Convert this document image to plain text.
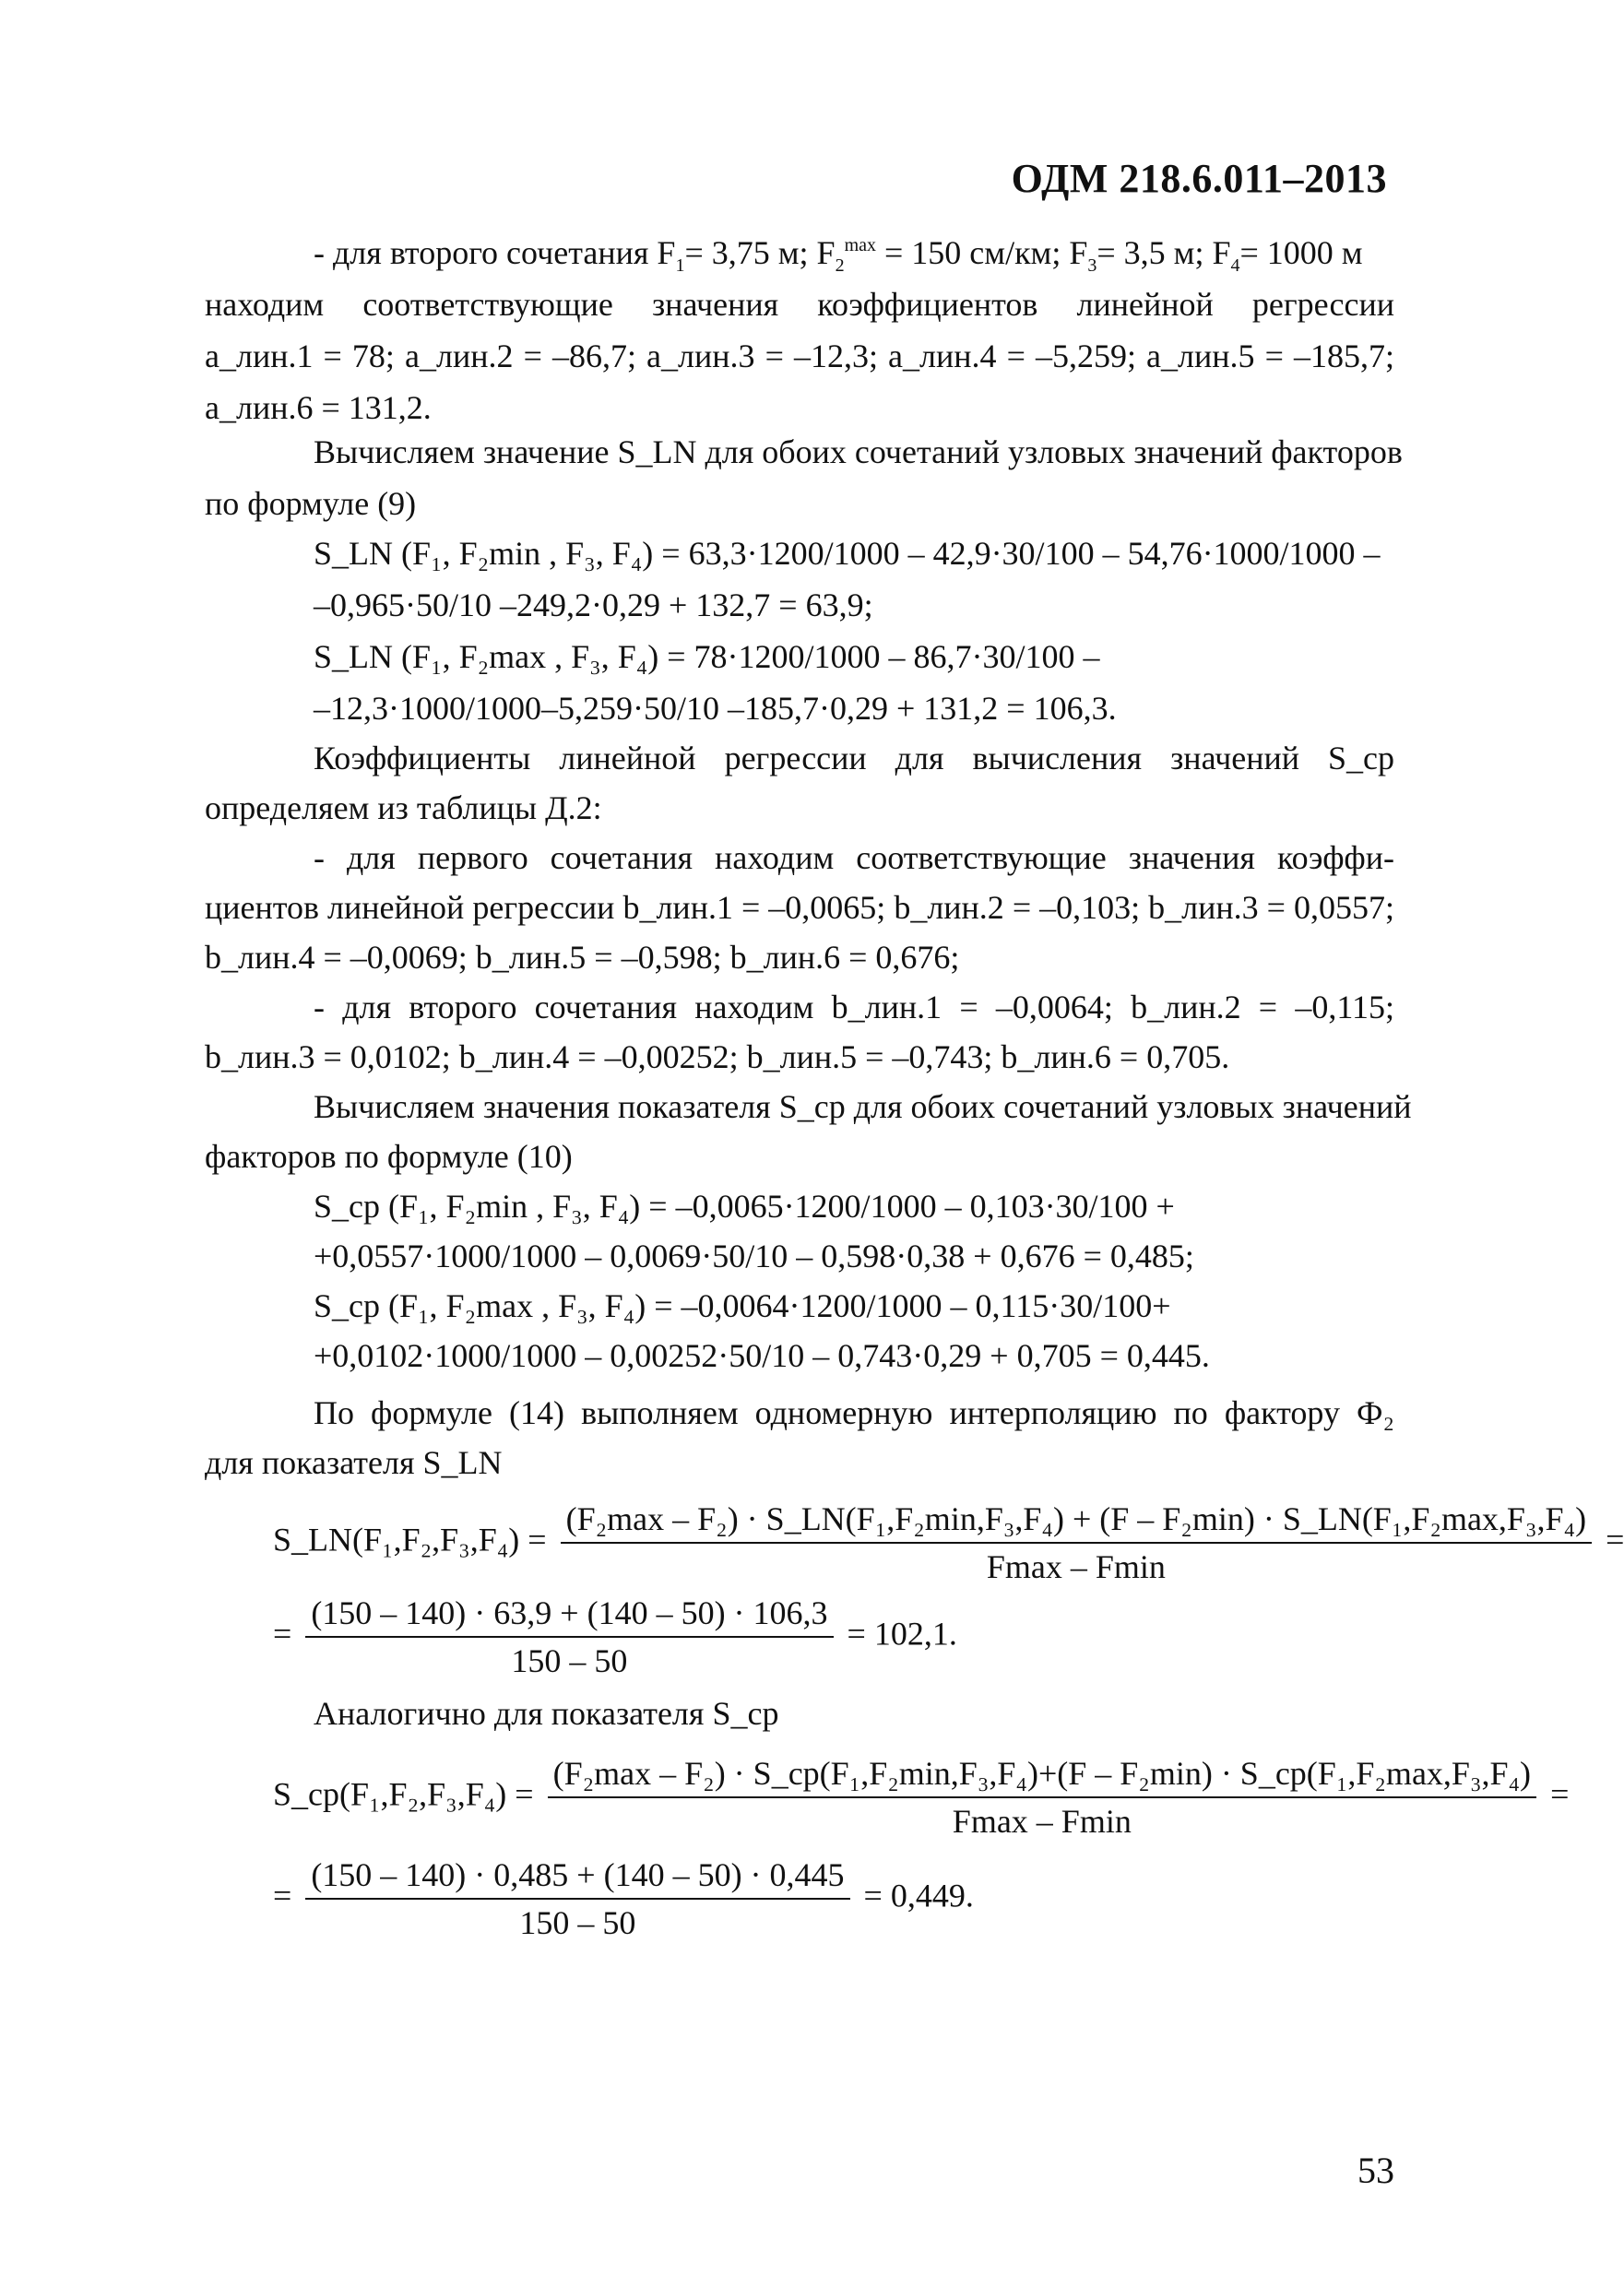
ОДМ 218.6.011–2013
- для второго сочетания $F_1= 3,75$ м; $F_2^{max} = 150$ см/км; $F_3= 3,5$ м; $F_4= 1000$ м
находим соответствующие значения коэффициентов линейной регрессии
a_лин.1 = 78; a_лин.2 = –86,7; a_лин.3 = –12,3; a_лин.4 = –5,259; a_лин.5 = –185,7;
a_лин.6 = 131,2.
Вычисляем значение S_LN для обоих сочетаний узловых значений факторов
по формуле (9)
S_LN (F₁, F₂min , F₃, F₄) = 63,3·1200/1000 – 42,9·30/100 – 54,76·1000/1000 –
–0,965·50/10 –249,2·0,29 + 132,7 = 63,9;
S_LN (F₁, F₂max , F₃, F₄) = 78·1200/1000 – 86,7·30/100 –
–12,3·1000/1000–5,259·50/10 –185,7·0,29 + 131,2 = 106,3.
Коэффициенты линейной регрессии для вычисления значений S_ср
определяем из таблицы Д.2:
- для первого сочетания находим соответствующие значения коэффи-
циентов линейной регрессии b_лин.1 = –0,0065; b_лин.2 = –0,103; b_лин.3 = 0,0557;
b_лин.4 = –0,0069; b_лин.5 = –0,598; b_лин.6 = 0,676;
- для второго сочетания находим b_лин.1 = –0,0064; b_лин.2 = –0,115;
b_лин.3 = 0,0102; b_лин.4 = –0,00252; b_лин.5 = –0,743; b_лин.6 = 0,705.
Вычисляем значения показателя S_ср для обоих сочетаний узловых значений
факторов по формуле (10)
S_ср (F₁, F₂min , F₃, F₄) = –0,0065·1200/1000 – 0,103·30/100 +
+0,0557·1000/1000 – 0,0069·50/10 – 0,598·0,38 + 0,676 = 0,485;
S_ср (F₁, F₂max , F₃, F₄) = –0,0064·1200/1000 – 0,115·30/100+
+0,0102·1000/1000 – 0,00252·50/10 – 0,743·0,29 + 0,705 = 0,445.
По формуле (14) выполняем одномерную интерполяцию по фактору Ф₂
для показателя S_LN
S_LN(F₁,F₂,F₃,F₄) =
(F₂max – F₂) · S_LN(F₁,F₂min,F₃,F₄) + (F – F₂min) · S_LN(F₁,F₂max,F₃,F₄)
Fmax – Fmin
=
= $\frac{(150 - 140) \cdot 63,9 + (140 - 50) \cdot 106,3}{150 - 50} = 102,1$.
Аналогично для показателя S_ср
S_ср(F₁,F₂,F₃,F₄) =
(F₂max – F₂) · S_ср(F₁,F₂min,F₃,F₄)+(F – F₂min) · S_ср(F₁,F₂max,F₃,F₄)
Fmax – Fmin
=
= $\frac{(150 - 140) \cdot 0,485 + (140 - 50) \cdot 0,445}{150 - 50} = 0,449$.
53
